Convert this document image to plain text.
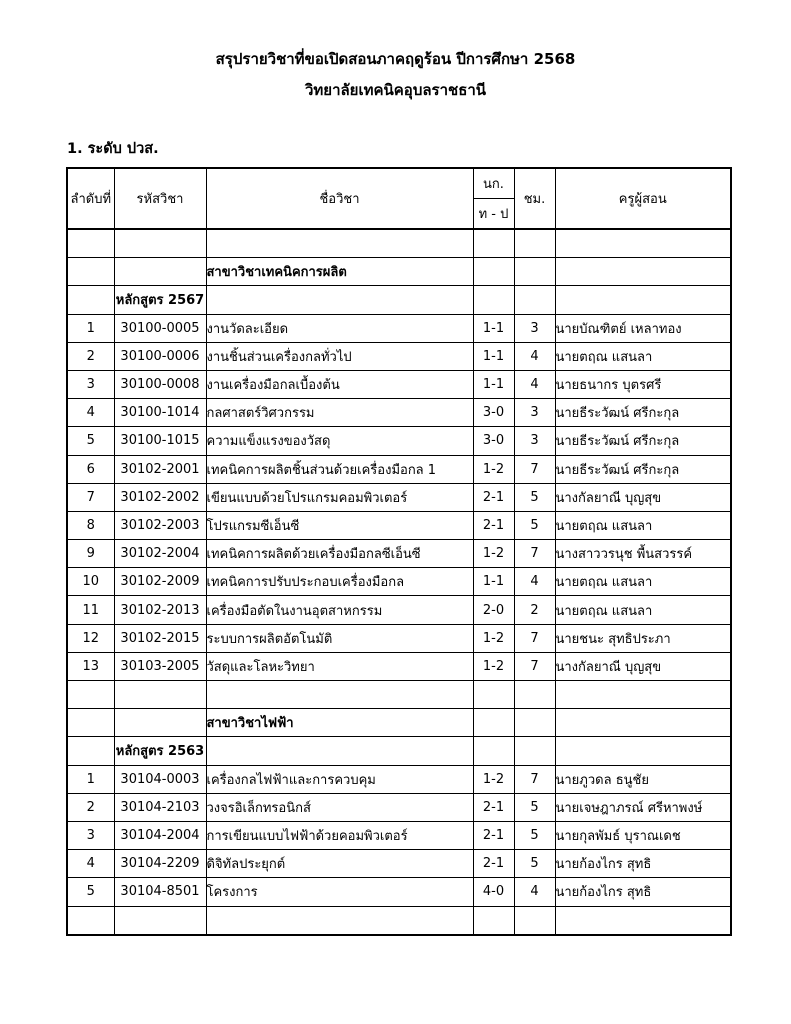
สรุปรายวิชาที่ขอเปิดสอนภาคฤดูร้อน ปีการศึกษา 2568
วิทยาลัยเทคนิคอุบลราชธานี
1. ระดับ ปวส.
ลำดับที่	รหัสวิชา	ชื่อวิชา	นก.	ชม.	ครูผู้สอน
			ท - ป		

		สาขาวิชาเทคนิคการผลิต			
	หลักสูตร 2567				
1	30100-0005	งานวัดละเอียด	1-1	3	นายบัณฑิตย์ เหลาทอง
2	30100-0006	งานชิ้นส่วนเครื่องกลทั่วไป	1-1	4	นายตฤณ แสนลา
3	30100-0008	งานเครื่องมือกลเบื้องต้น	1-1	4	นายธนากร บุตรศรี
4	30100-1014	กลศาสตร์วิศวกรรม	3-0	3	นายธีระวัฒน์ ศรีกะกุล
5	30100-1015	ความแข็งแรงของวัสดุ	3-0	3	นายธีระวัฒน์ ศรีกะกุล
6	30102-2001	เทคนิคการผลิตชิ้นส่วนด้วยเครื่องมือกล 1	1-2	7	นายธีระวัฒน์ ศรีกะกุล
7	30102-2002	เขียนแบบด้วยโปรแกรมคอมพิวเตอร์	2-1	5	นางกัลยาณี บุญสุข
8	30102-2003	โปรแกรมซีเอ็นซี	2-1	5	นายตฤณ แสนลา
9	30102-2004	เทคนิคการผลิตด้วยเครื่องมือกลซีเอ็นซี	1-2	7	นางสาววรนุช พื้นสวรรค์
10	30102-2009	เทคนิคการปรับประกอบเครื่องมือกล	1-1	4	นายตฤณ แสนลา
11	30102-2013	เครื่องมือตัดในงานอุตสาหกรรม	2-0	2	นายตฤณ แสนลา
12	30102-2015	ระบบการผลิตอัตโนมัติ	1-2	7	นายชนะ สุทธิประภา
13	30103-2005	วัสดุและโลหะวิทยา	1-2	7	นางกัลยาณี บุญสุข

		สาขาวิชาไฟฟ้า			
	หลักสูตร 2563				
1	30104-0003	เครื่องกลไฟฟ้าและการควบคุม	1-2	7	นายภูวดล ธนูชัย
2	30104-2103	วงจรอิเล็กทรอนิกส์	2-1	5	นายเจษฎาภรณ์ ศรีหาพงษ์
3	30104-2004	การเขียนแบบไฟฟ้าด้วยคอมพิวเตอร์	2-1	5	นายกุลพัมธ์ บุราณเดช
4	30104-2209	ดิจิทัลประยุกต์	2-1	5	นายก้องไกร สุทธิ
5	30104-8501	โครงการ	4-0	4	นายก้องไกร สุทธิ
